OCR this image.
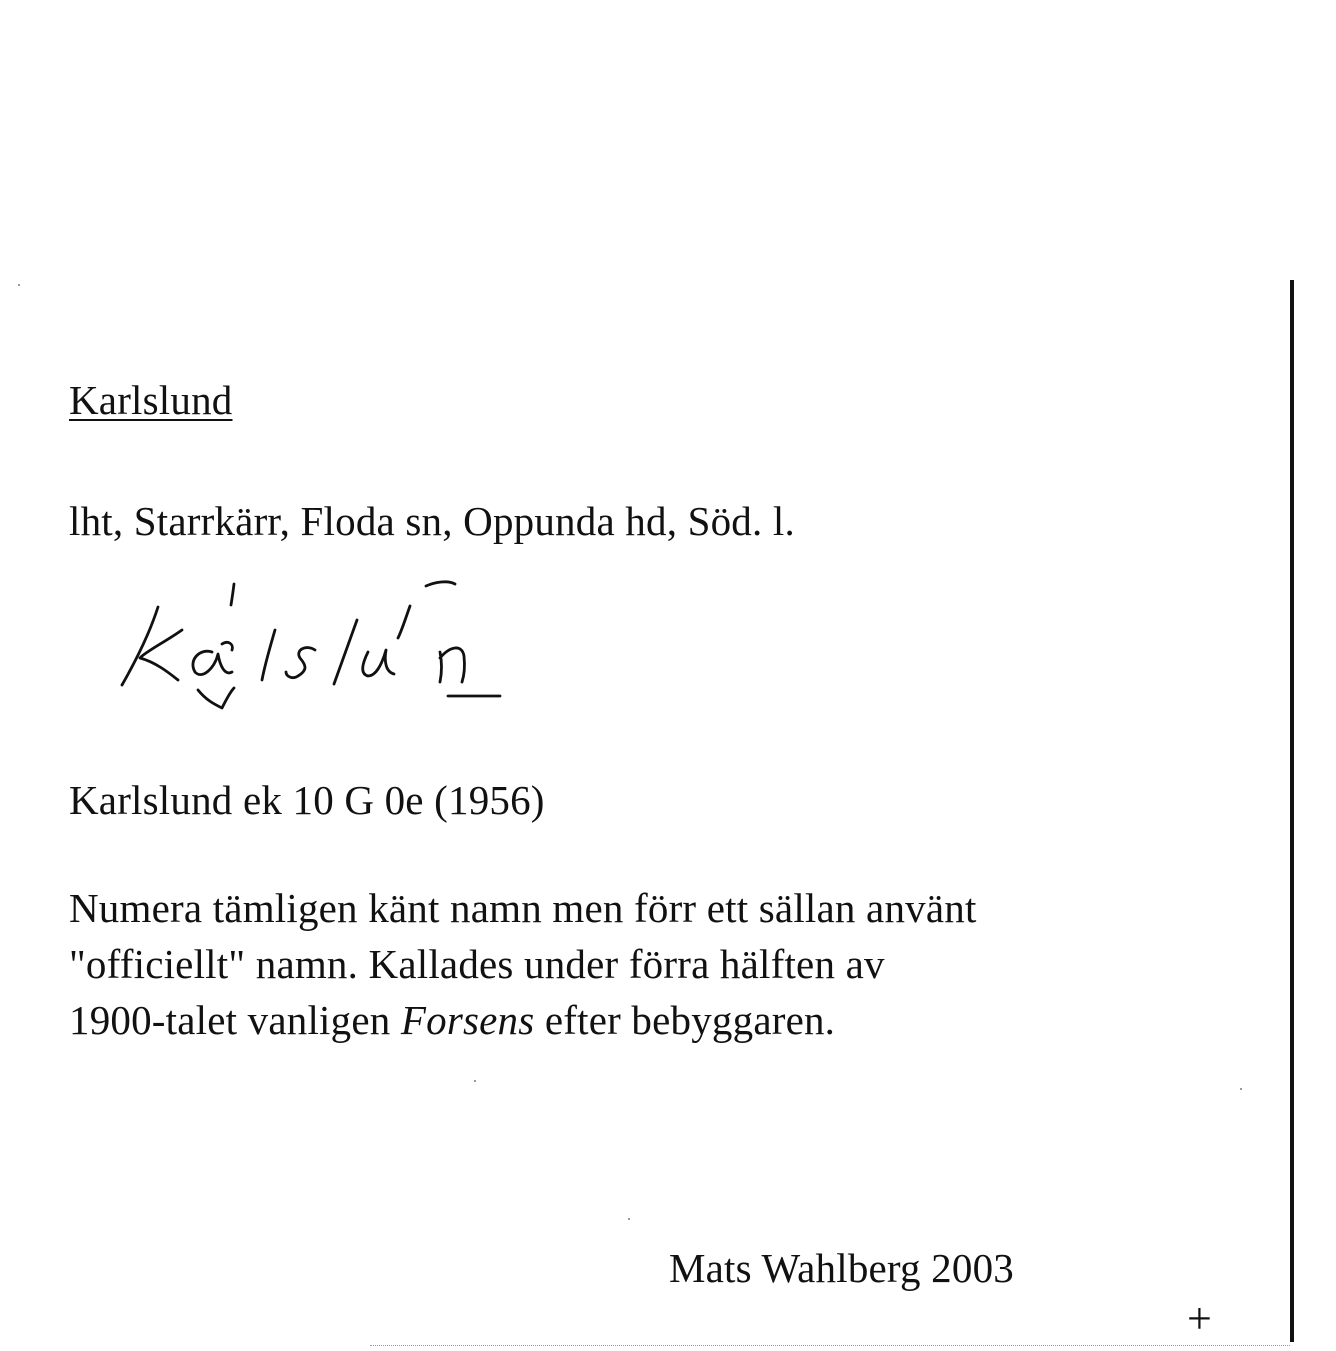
Karlslund
lht, Starrkärr, Floda sn, Oppunda hd, Söd. l.
Karlslund ek 10 G 0e (1956)
Numera tämligen känt namn men förr ett sällan använt
"officiellt" namn. Kallades under förra hälften av
1900-talet vanligen Forsens efter bebyggaren.
Mats Wahlberg 2003
+
